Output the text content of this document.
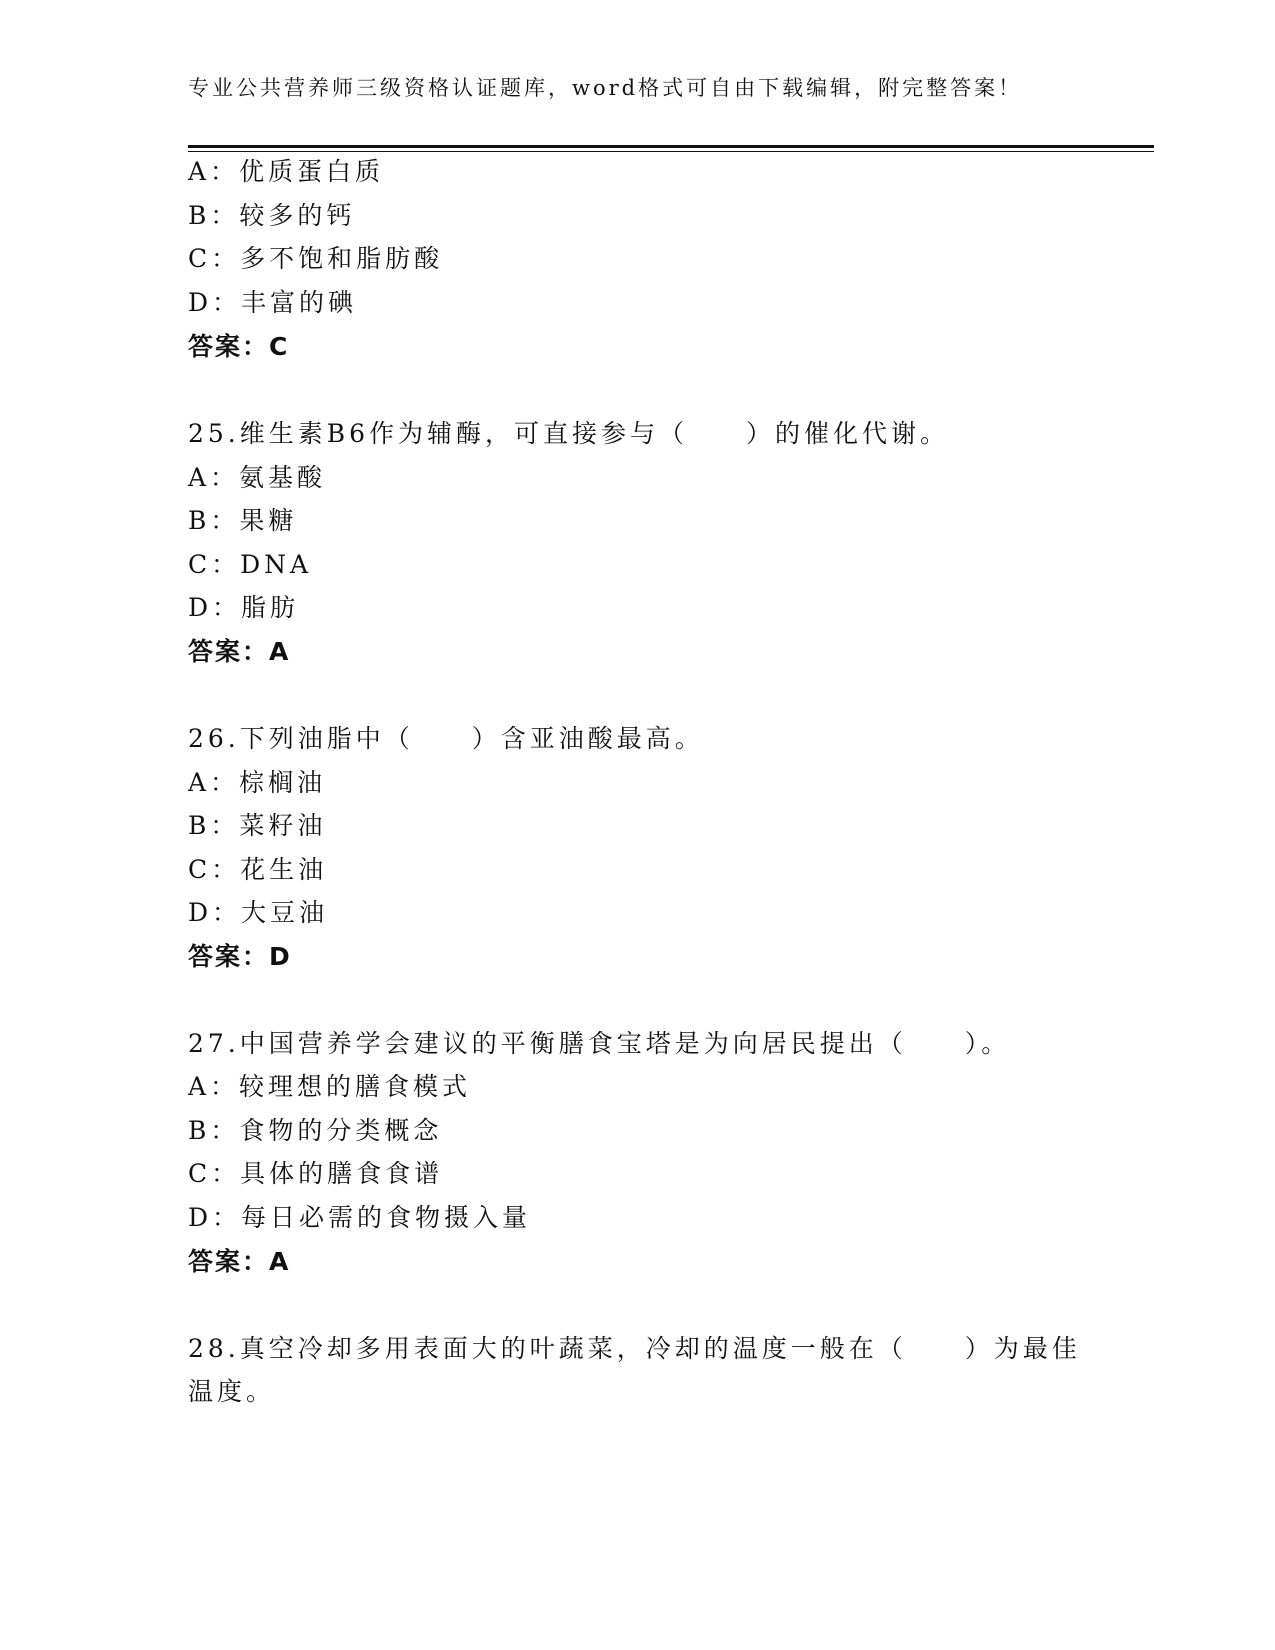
专业公共营养师三级资格认证题库，word格式可自由下载编辑，附完整答案！
A：优质蛋白质
B：较多的钙
C：多不饱和脂肪酸
D：丰富的碘
答案：C
25.维生素B6作为辅酶，可直接参与（　　）的催化代谢。
A：氨基酸
B：果糖
C：DNA
D：脂肪
答案：A
26.下列油脂中（　　）含亚油酸最高。
A：棕榈油
B：菜籽油
C：花生油
D：大豆油
答案：D
27.中国营养学会建议的平衡膳食宝塔是为向居民提出（　　）。
A：较理想的膳食模式
B：食物的分类概念
C：具体的膳食食谱
D：每日必需的食物摄入量
答案：A
28.真空冷却多用表面大的叶蔬菜，冷却的温度一般在（　　）为最佳
温度。
